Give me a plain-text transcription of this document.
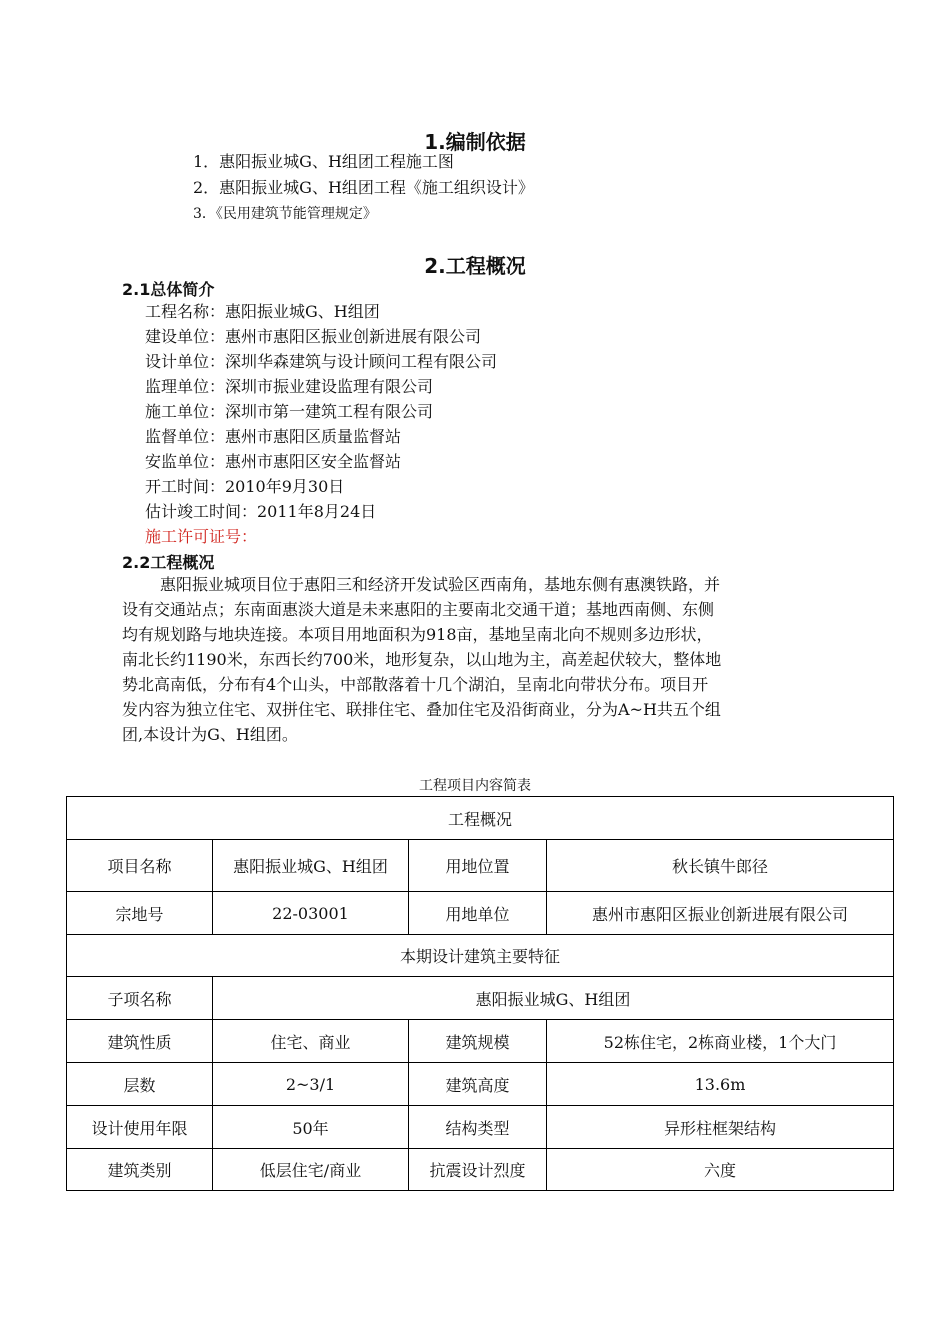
1.编制依据
1．惠阳振业城G、H组团工程施工图
2．惠阳振业城G、H组团工程《施工组织设计》
3．《民用建筑节能管理规定》
2.工程概况
2.1总体简介
工程名称：惠阳振业城G、H组团
建设单位：惠州市惠阳区振业创新进展有限公司
设计单位：深圳华森建筑与设计顾问工程有限公司
监理单位：深圳市振业建设监理有限公司
施工单位：深圳市第一建筑工程有限公司
监督单位：惠州市惠阳区质量监督站
安监单位：惠州市惠阳区安全监督站
开工时间：2010年9月30日
估计竣工时间：2011年8月24日
施工许可证号：
2.2工程概况
惠阳振业城项目位于惠阳三和经济开发试验区西南角，基地东侧有惠澳铁路，并
设有交通站点；东南面惠淡大道是未来惠阳的主要南北交通干道；基地西南侧、东侧
均有规划路与地块连接。本项目用地面积为918亩，基地呈南北向不规则多边形状，
南北长约1190米，东西长约700米，地形复杂，以山地为主，高差起伏较大，整体地
势北高南低，分布有4个山头，中部散落着十几个湖泊，呈南北向带状分布。项目开
发内容为独立住宅、双拼住宅、联排住宅、叠加住宅及沿街商业，分为A~H共五个组
团,本设计为G、H组团。
工程项目内容简表
工程概况			
项目名称	惠阳振业城G、H组团	用地位置	秋长镇牛郎径
宗地号	22-03001	用地单位	惠州市惠阳区振业创新进展有限公司
本期设计建筑主要特征			
子项名称	惠阳振业城G、H组团		
建筑性质	住宅、商业	建筑规模	52栋住宅，2栋商业楼，1个大门
层数	2~3/1	建筑高度	13.6m
设计使用年限	50年	结构类型	异形柱框架结构
建筑类别	低层住宅/商业	抗震设计烈度	六度
